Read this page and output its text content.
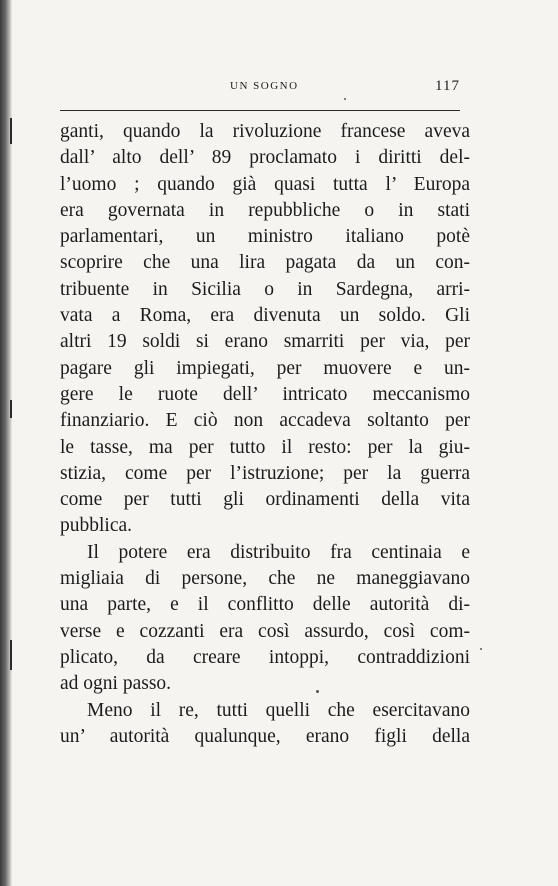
UN SOGNO	117
ganti, quando la rivoluzione francese aveva
dall’ alto dell’ 89 proclamato i diritti del-
l’uomo ; quando già quasi tutta l’ Europa
era governata in repubbliche o in stati
parlamentari, un ministro italiano potè
scoprire che una lira pagata da un con-
tribuente in Sicilia o in Sardegna, arri-
vata a Roma, era divenuta un soldo. Gli
altri 19 soldi si erano smarriti per via, per
pagare gli impiegati, per muovere e un-
gere le ruote dell’ intricato meccanismo
finanziario. E ciò non accadeva soltanto per
le tasse, ma per tutto il resto: per la giu-
stizia, come per l’istruzione; per la guerra
come per tutti gli ordinamenti della vita
pubblica.
Il potere era distribuito fra centinaia e
migliaia di persone, che ne maneggiavano
una parte, e il conflitto delle autorità di-
verse e cozzanti era così assurdo, così com-
plicato, da creare intoppi, contraddizioni
ad ogni passo.
Meno il re, tutti quelli che esercitavano
un’ autorità qualunque, erano figli della
